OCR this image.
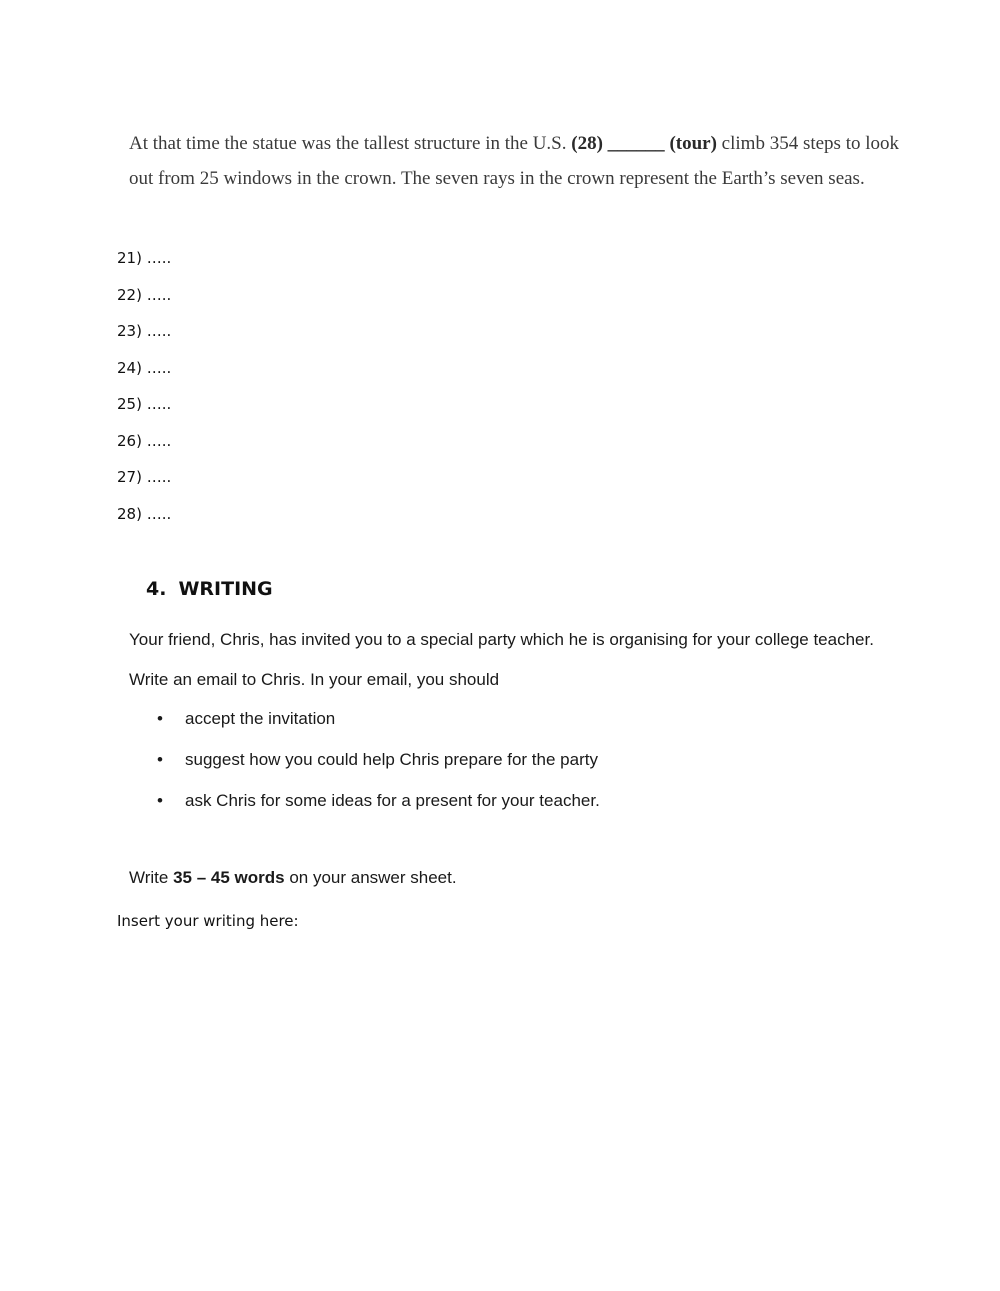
At that time the statue was the tallest structure in the U.S. (28) ______ (tour) climb 354 steps to look out from 25 windows in the crown. The seven rays in the crown represent the Earth’s seven seas.
21) …..
22) …..
23) …..
24) …..
25) …..
26) …..
27) …..
28) …..
4. WRITING

Your friend, Chris, has invited you to a special party which he is organising for your college teacher.

Write an email to Chris. In your email, you should

• accept the invitation
• suggest how you could help Chris prepare for the party
• ask Chris for some ideas for a present for your teacher.
Write 35 – 45 words on your answer sheet.
Insert your writing here:
